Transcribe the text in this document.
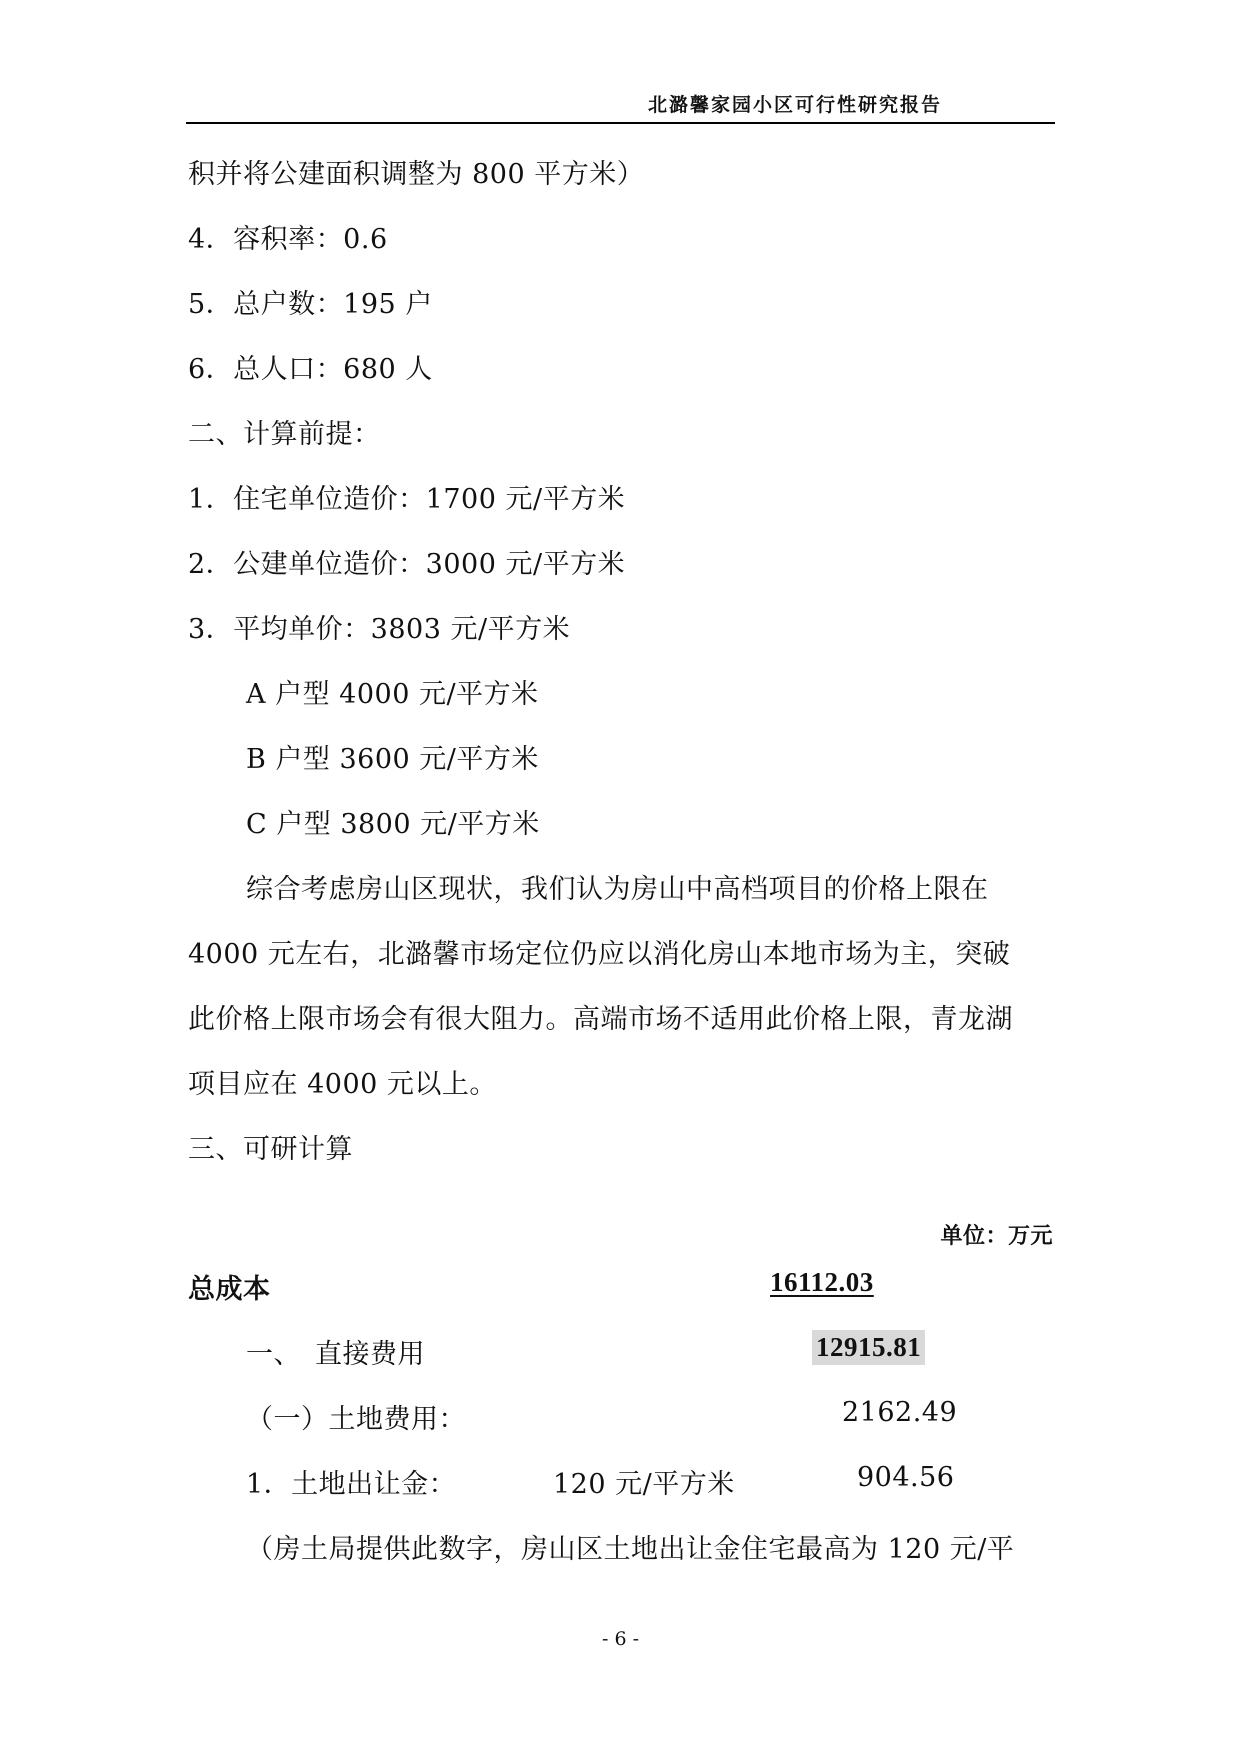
北潞馨家园小区可行性研究报告
积并将公建面积调整为 800 平方米）
4．容积率：0.6
5．总户数：195 户
6．总人口：680 人
二、计算前提：
1．住宅单位造价：1700 元/平方米
2．公建单位造价：3000 元/平方米
3．平均单价：3803 元/平方米
A 户型 4000 元/平方米
B 户型 3600 元/平方米
C 户型 3800 元/平方米
综合考虑房山区现状，我们认为房山中高档项目的价格上限在
4000 元左右，北潞馨市场定位仍应以消化房山本地市场为主，突破
此价格上限市场会有很大阻力。高端市场不适用此价格上限，青龙湖
项目应在 4000 元以上。
三、可研计算
单位：万元
总成本	16112.03
一、　直接费用	12915.81
（一）土地费用：	2162.49
1．土地出让金：	120 元/平方米	904.56
（房土局提供此数字，房山区土地出让金住宅最高为 120 元/平
- 6 -
